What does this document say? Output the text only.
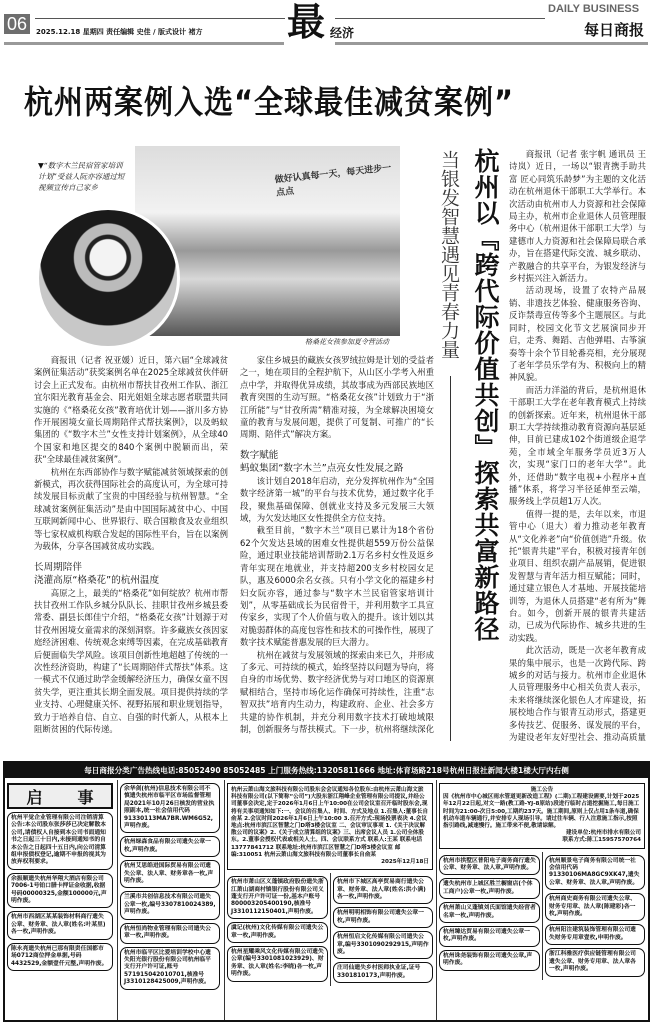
06	2025.12.18 星期四 责任编辑 史佳 / 版式设计 褚方 最 经济
DAILY BUSINESS
每日商报
杭州两案例入选“全球最佳减贫案例”
做好认真每一天，每天进步一点点
▼“数字木兰民宿管家培训计划”受益人阮亦容通过短视频宣传自己家乡
格桑花女孩参加夏令营活动

商报讯（记者 祝亚媛）近日，第六届“全球减贫案例征集活动”获奖案例名单在2025全球减贫伙伴研讨会上正式发布。由杭州市帮扶甘孜州工作队、浙江宜尔阳光教育基金会、阳光姐姐全球志愿者联盟共同实施的《“格桑花女孩”教育培优计划——浙川多方协作开展困境女童长周期陪伴式帮扶案例》，以及蚂蚁集团的《“数字木兰”女性支持计划案例》，从全球40个国家和地区提交的840个案例中脱颖而出，荣获“全球最佳减贫案例”。

杭州在东西部协作与数字赋能减贫领域探索的创新模式，再次获得国际社会的高度认可，为全球可持续发展目标贡献了宝贵的中国经验与杭州智慧。“全球减贫案例征集活动”是由中国国际减贫中心、中国互联网新闻中心、世界银行、联合国粮食及农业组织等七家权威机构联合发起的国际性平台，旨在以案例为载体，分享各国减贫成功实践。

长周期陪伴
浇灌高原“格桑花”的杭州温度

高原之上，最美的“格桑花”如何绽放？杭州市帮扶甘孜州工作队乡城分队队长、挂职甘孜州乡城县委常委、副县长郎佳宁介绍，“格桑花女孩”计划源于对甘孜州困境女童需求的深刻洞察。许多藏族女孩因家庭经济困难、传统观念束缚等因素，在完成基础教育后便面临失学风险。该项目创新性地超越了传统的一次性经济资助，构建了“长周期陪伴式帮扶”体系。这一模式不仅通过助学金缓解经济压力，确保女童不因贫失学，更注重其长期全面发展。项目提供持续的学业支持、心理健康关怀、视野拓展和职业规划指导，致力于培养自信、自立、自强的时代新人，从根本上阻断贫困的代际传递。

家住乡城县的藏族女孩罗绒拉姆是计划的受益者之一，她在项目的全程护航下，从山区小学考入州重点中学，并取得优异成绩，其故事成为西部民族地区教育突围的生动写照。“格桑花女孩”计划致力于“浙江所能”与“甘孜所需”精准对接，为全球解决困境女童的教育与发展问题，提供了可复制、可推广的“长周期、陪伴式”解决方案。

数字赋能
蚂蚁集团“数字木兰”点亮女性发展之路

该计划自2018年启动，充分发挥杭州作为“全国数字经济第一城”的平台与技术优势，通过数字化手段，聚焦基础保障、创就业支持及多元发展三大领域，为欠发达地区女性提供全方位支持。

截至目前，“数字木兰”项目已累计为18个省份62个欠发达县域的困难女性提供超559万份公益保险，通过职业技能培训帮助2.1万名乡村女性及返乡青年实现在地就业，并支持超200支乡村校园女足队，惠及6000余名女孩。只有小学文化的福建乡村妇女阮亦容，通过参与“数字木兰民宿管家培训计划”，从零基础成长为民宿骨干，并利用数字工具宣传家乡，实现了个人价值与收入的提升。该计划以其对脆弱群体的高度包容性和技术的可操作性，展现了数字技术赋能普惠发展的巨大潜力。

杭州在减贫与发展领域的探索由来已久，并形成了多元、可持续的模式，始终坚持以问题为导向，将自身的市场优势、数字经济优势与对口地区的资源禀赋相结合，坚持市场化运作确保可持续性，注重“志智双扶”培育内生动力，构建政府、企业、社会多方共建的协作机制，并充分利用数字技术打破地域限制，创新服务与帮扶模式。下一步，杭州将继续深化

杭州以『跨代际价值共创』探索共富新路径
当银发智慧遇见青春力量	商报讯（记者 张宇帆 通讯员 王诗岚）近日，一场以“银青携手助共富 匠心同筑乐龄梦”为主题的文化活动在杭州退休干部职工大学举行。本次活动由杭州市人力资源和社会保障局主办，杭州市企业退休人员管理服务中心（杭州退休干部职工大学）与建德市人力资源和社会保障局联合承办，旨在搭建代际交流、城乡联动、产教融合的共享平台，为银发经济与乡村振兴注入新活力。

活动现场，设置了农特产品展销、非遗技艺体验、健康服务咨询、反诈禁毒宣传等多个主题展区。与此同时，校园文化节文艺展演同步开启，走秀、舞蹈、吉他弹唱、古筝演奏等十余个节目轮番亮相，充分展现了老年学员乐学有为、积极向上的精神风貌。

而活力洋溢的背后，是杭州退休干部职工大学在老年教育模式上持续的创新探索。近年来，杭州退休干部职工大学持续推动教育资源向基层延伸，目前已建成102个街道级企退学苑，全市域全年服务学员近3万人次，实现“家门口的老年大学”。此外，还借助“数字电视+小程序+直播”体系，将学习半径延伸至云端，服务线上学员超1万人次。

值得一提的是，去年以来，市退管中心（退大）着力推动老年教育从“文化养老”向“价值创造”升级。依托“银青共建”平台，积极对接青年创业项目、组织农副产品展销，促进银发智慧与青年活力相互赋能；同时，通过建立银色人才基地、开展技能培训等，为退休人员搭建“老有所为”舞台。如今，创新开展的银青共建活动，已成为代际协作、城乡共进的生动实践。

此次活动，既是一次老年教育成果的集中展示，也是一次跨代际、跨城乡的对话与接力。杭州市企业退休人员管理服务中心相关负责人表示，未来将继续深化银色人才库建设，拓展校地合作与银青互动形式，搭建更多传技艺、促服务、谋发展的平台，为建设老年友好型社会、推动高质量

每日商报分类广告热线电话:85052490 85052485 上门服务热线:13205811666 地址:体育场路218号杭州日报社新闻大楼1楼大厅内右侧
启 事
杭州平觉企业管理有限公司注销清算公告:本公司股东张莎莎已决定解散本公司,请债权人自接到本公司书面通知书之日起三十日内,未接到通知书的自本公告之日起四十五日内,向公司清算组申报债权登记,逾期不申报的视其为放弃权利要求。
余振顺遗失杭州华翔大酒店有限公司7006-1号铂口腊卡押证金收据,收据号码00000325,金额100000元,声明作废。
杭州市西湖区某某装饰材料商行遗失公章、财务章、法人章(姓名:叶某里)各一枚,声明作废。
陈永亮遗失杭州已那有限责任国都市场0712商位押金单据,号码4432529,金额壹仟元整,声明作废。
余华剑(杭州)信息技术有限公司不慎遗失杭州市临平区市场监督管理局2021年10月26日核发的营业执照副本,统一社会信用代码91330113MA7BR.WM6G52,声明作废。
杭州绿森食品有限公司遗失公章一枚,声明作废。
杭州艾思皓进国际贸易有限公司遗失公章、法人章、财务章各一枚,声明作废。
兰溪市共创信息技术有限公司遗失公章一枚,编号3307810024389,声明作废。
杭州恒尚物业管理有限公司遗失公章一枚,声明作废。
杭州市临平区比爱培训学校中心遗失阳光银行股份有限公司杭州临平支行开户许可证,账号571915042010701,核准号J3310128425009,声明作废。
杭州云萧山海文旅科技有限公司股东会会议通知各位股东:由杭州云萧山海文旅科技有限公司(以下简称“公司”)大股东浙江翔峰企业管理有限公司提议,并经公司董事会决定,定于2026年1月6日上午10:00在公司会议室召开临时股东会,现将有关事项通知如下:一、会议的召集人、时间、方式及地点 1.召集人:董事长自俞某 2.会议时间2026年1月6日上午10:00 3.召开方式:现场投票表决 4.会议地点:杭州市滨江区智慧之门D塔3楼会议室 二、会议审议事项 1.《关于决议解散公司的议案》2.《关于成立清算组的议案》三、出席会议人员 1.公司全体股东。2.董事会授权代表或相关人士。四、会议联系方式 联系人:王某 联系电话13777841712 联系地址:杭州市滨江区智慧之门D塔3楼会议室 邮编:310051 杭州云萧山海文旅科技有限公司董事长自俞某
2025年12月18日
杭州市萧山区义蓬镇政府股份遗失浙江萧山湖商村镇银行股份有限公司义蓬支行开户许可证一份,基本户账号800003205400190,核准号J3310112150401,声明作废。
虞记(杭州)文化传媒有限公司遗失公章一枚,声明作废。
杭州星耀乘风文化传媒有限公司遗失公章(编号3301081023929)、财务章、法人章(姓名:李晓)各一枚,声明作废。
杭州市下城区高亭贸易商行遗失公章、财务章、法人章(姓名:洪小满)各一枚,声明作废。
杭州明明相饰有限公司遗失公章一枚,声明作废。
杭州恒启文化传媒有限公司遗失公章,编号3301090292915,声明作废。
庄司仙遗失乡村医师执业证,证号3301810173,声明作废。
施工公告
因《杭州市中心城区雨水管道更新改造工程》(二期)工程建设需要,计划于2025年12月22日起,对文一路(教工路-YJ-8原站)段进行临时占道挖掘施工,每日施工时间为21:00-次日5:00,工期约237天。施工期间,原则上仅占用1条车道,确保机动车道车辆通行,并安排专人现场引导。请过往车辆、行人注意施工指示,按照指引路线,减速慢行。施工带来不便,敬请谅解。
建设单位:杭州市排水有限公司
联系方式:陈工15957570764
杭州市拱墅区普阳电子商务商行遗失公章、财务章、法人章,声明作废。
遗失杭州市上城区胜兰橱窗店(个体工商户)公章一枚,声明作废。
杭州萧山义蓬镇刘氏面馆遗失经营者名章一枚,声明作废。
杭州臻达贸易有限公司遗失公章一枚,声明作废。
杭州诛尧装饰有限公司遗失公章,声明作废。
杭州顺景电子商务有限公司统一社会信用代码91330106MA8GC9XK47,遗失公章、财务章、法人章,声明作废。
杭州商史商务有限公司遗失公章、财务专用章、法人章(陈建彩)各一枚,声明作废。
杭州阳注建筑装饰管理有限公司遗失财务专用章壹枚,申明作废。
浙江科雅医疗供应链管理有限公司遗失公章、财务专用章、法人章各一枚,声明作废。
